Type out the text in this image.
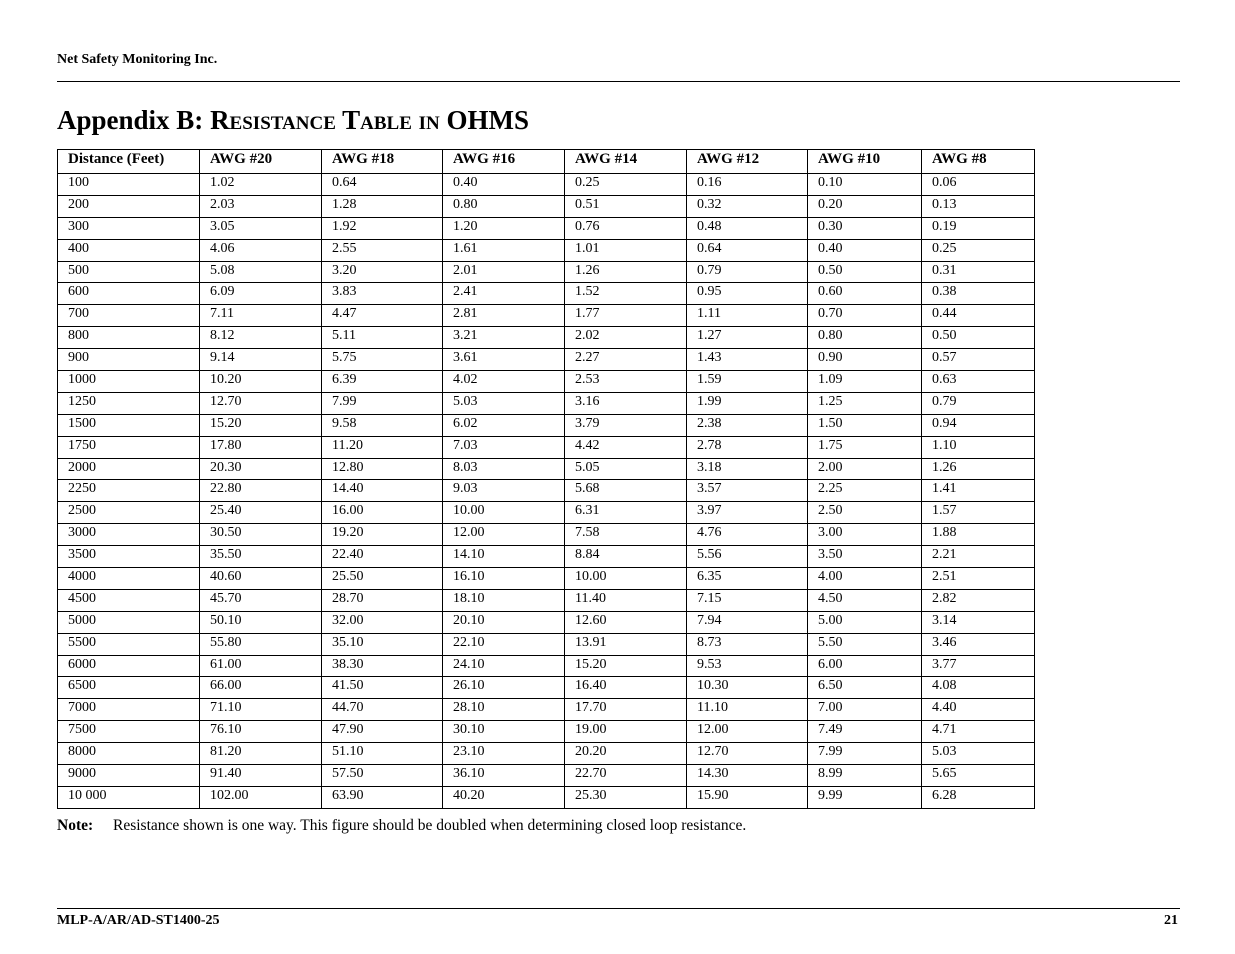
Net Safety Monitoring Inc.
Appendix B: Resistance Table in OHMS
Distance (Feet)	AWG #20	AWG #18	AWG #16	AWG #14	AWG #12	AWG #10	AWG #8
100	1.02	0.64	0.40	0.25	0.16	0.10	0.06
200	2.03	1.28	0.80	0.51	0.32	0.20	0.13
300	3.05	1.92	1.20	0.76	0.48	0.30	0.19
400	4.06	2.55	1.61	1.01	0.64	0.40	0.25
500	5.08	3.20	2.01	1.26	0.79	0.50	0.31
600	6.09	3.83	2.41	1.52	0.95	0.60	0.38
700	7.11	4.47	2.81	1.77	1.11	0.70	0.44
800	8.12	5.11	3.21	2.02	1.27	0.80	0.50
900	9.14	5.75	3.61	2.27	1.43	0.90	0.57
1000	10.20	6.39	4.02	2.53	1.59	1.09	0.63
1250	12.70	7.99	5.03	3.16	1.99	1.25	0.79
1500	15.20	9.58	6.02	3.79	2.38	1.50	0.94
1750	17.80	11.20	7.03	4.42	2.78	1.75	1.10
2000	20.30	12.80	8.03	5.05	3.18	2.00	1.26
2250	22.80	14.40	9.03	5.68	3.57	2.25	1.41
2500	25.40	16.00	10.00	6.31	3.97	2.50	1.57
3000	30.50	19.20	12.00	7.58	4.76	3.00	1.88
3500	35.50	22.40	14.10	8.84	5.56	3.50	2.21
4000	40.60	25.50	16.10	10.00	6.35	4.00	2.51
4500	45.70	28.70	18.10	11.40	7.15	4.50	2.82
5000	50.10	32.00	20.10	12.60	7.94	5.00	3.14
5500	55.80	35.10	22.10	13.91	8.73	5.50	3.46
6000	61.00	38.30	24.10	15.20	9.53	6.00	3.77
6500	66.00	41.50	26.10	16.40	10.30	6.50	4.08
7000	71.10	44.70	28.10	17.70	11.10	7.00	4.40
7500	76.10	47.90	30.10	19.00	12.00	7.49	4.71
8000	81.20	51.10	23.10	20.20	12.70	7.99	5.03
9000	91.40	57.50	36.10	22.70	14.30	8.99	5.65
10 000	102.00	63.90	40.20	25.30	15.90	9.99	6.28
Note: Resistance shown is one way. This figure should be doubled when determining closed loop resistance.
MLP-A/AR/AD-ST1400-25	21
